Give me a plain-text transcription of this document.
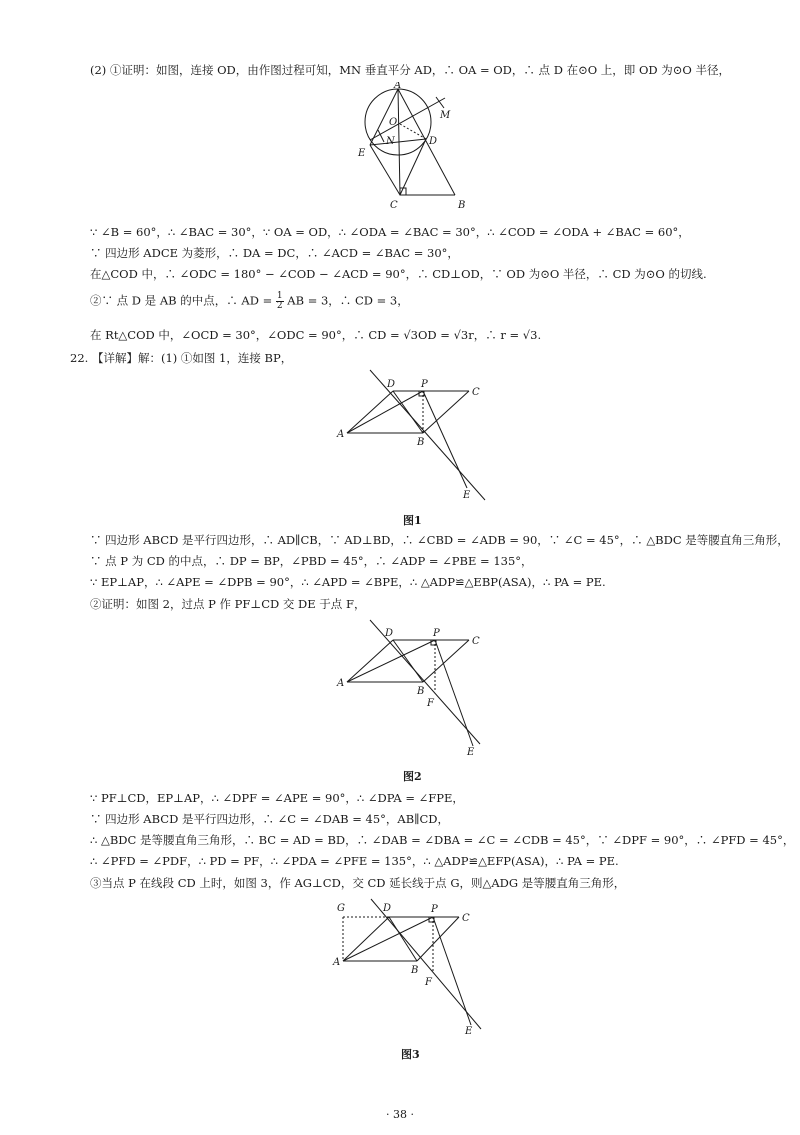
(2) ①证明：如图，连接 OD，由作图过程可知，MN 垂直平分 AD，∴ OA = OD，∴ 点 D 在⊙O 上，即 OD 为⊙O 半径，
A
M
O
N	D
E
C	B
∵ ∠B = 60°，∴ ∠BAC = 30°，∵ OA = OD，∴ ∠ODA = ∠BAC = 30°，∴ ∠COD = ∠ODA + ∠BAC = 60°，
∵ 四边形 ADCE 为菱形，∴ DA = DC，∴ ∠ACD = ∠BAC = 30°，
在△COD 中，∴ ∠ODC = 180° − ∠COD − ∠ACD = 90°，∴ CD⊥OD，∵ OD 为⊙O 半径，∴ CD 为⊙O 的切线.
②∵ 点 D 是 AB 的中点，∴ AD = $\frac{1}{2}$ AB = 3，∴ CD = 3，
在 Rt△COD 中，∠OCD = 30°，∠ODC = 90°，∴ CD = √3OD = √3r，∴ r = √3.
22. 【详解】解：(1) ①如图 1，连接 BP，
D	P
C
A
B
E
图1
∵ 四边形 ABCD 是平行四边形，∴ AD∥CB，∵ AD⊥BD，∴ ∠CBD = ∠ADB = 90，∵ ∠C = 45°，∴ △BDC 是等腰直角三角形，
∵ 点 P 为 CD 的中点，∴ DP = BP，∠PBD = 45°，∴ ∠ADP = ∠PBE = 135°，
∵ EP⊥AP，∴ ∠APE = ∠DPB = 90°，∴ ∠APD = ∠BPE，∴ △ADP≌△EBP(ASA)，∴ PA = PE.
②证明：如图 2，过点 P 作 PF⊥CD 交 DE 于点 F，
D	P
C
A
B
F
E
图2
∵ PF⊥CD，EP⊥AP，∴ ∠DPF = ∠APE = 90°，∴ ∠DPA = ∠FPE，
∵ 四边形 ABCD 是平行四边形，∴ ∠C = ∠DAB = 45°，AB∥CD，
∴ △BDC 是等腰直角三角形，∴ BC = AD = BD，∴ ∠DAB = ∠DBA = ∠C = ∠CDB = 45°，∵ ∠DPF = 90°，∴ ∠PFD = 45°，
∴ ∠PFD = ∠PDF，∴ PD = PF，∴ ∠PDA = ∠PFE = 135°，∴ △ADP≌△EFP(ASA)，∴ PA = PE.
③当点 P 在线段 CD 上时，如图 3，作 AG⊥CD，交 CD 延长线于点 G，则△ADG 是等腰直角三角形，
G	D	P
C
A
B
F
E
图3
· 38 ·
